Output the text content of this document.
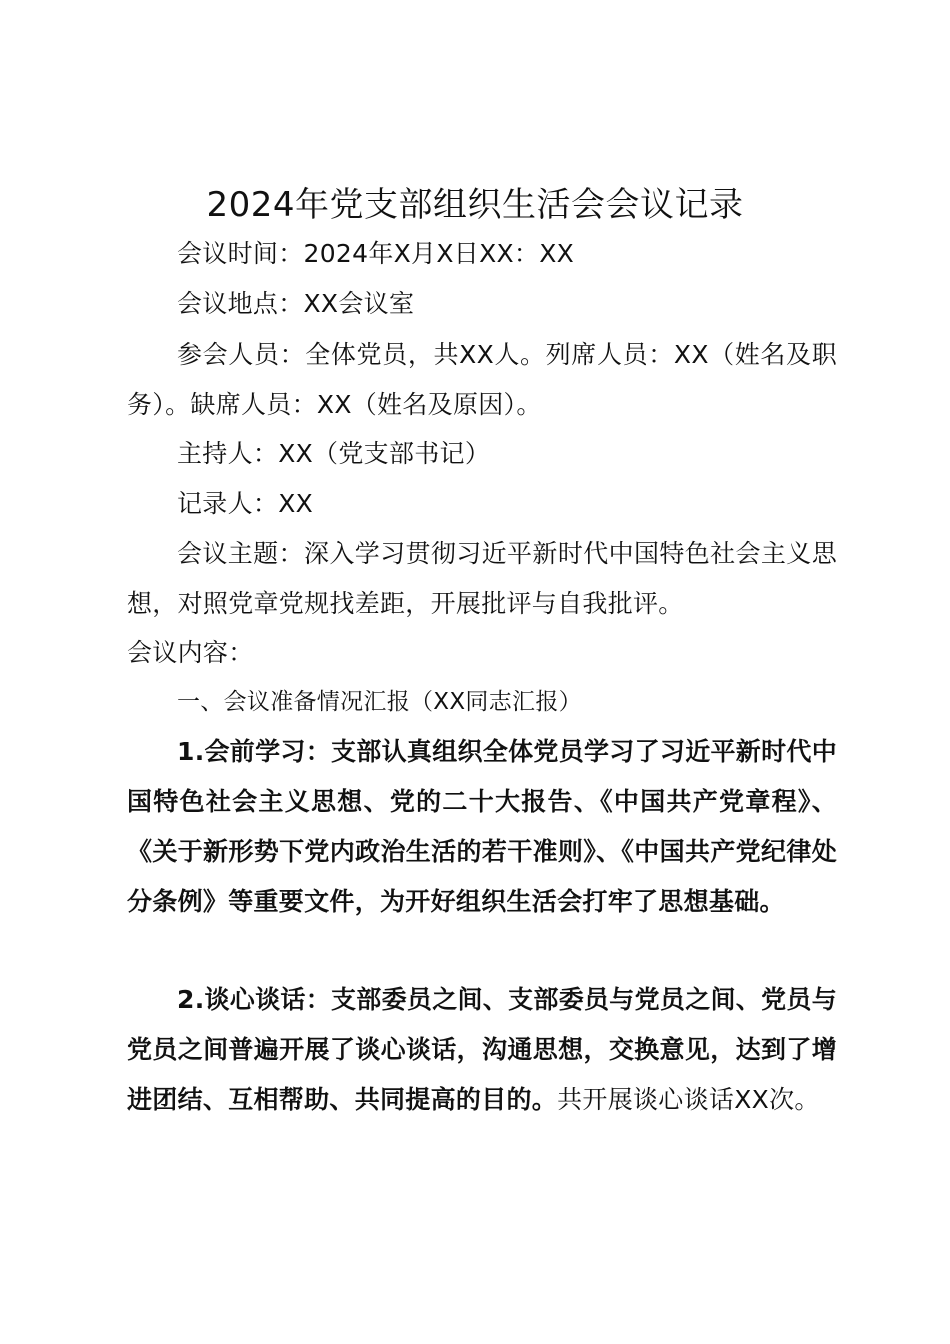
2024年党支部组织生活会会议记录
会议时间：2024年X月X日XX：XX
会议地点：XX会议室
参会人员：全体党员，共XX人。列席人员：XX（姓名及职务）。缺席人员：XX（姓名及原因）。
主持人：XX（党支部书记）
记录人：XX
会议主题：深入学习贯彻习近平新时代中国特色社会主义思想，对照党章党规找差距，开展批评与自我批评。
会议内容：
一、会议准备情况汇报（XX同志汇报）
1.会前学习：支部认真组织全体党员学习了习近平新时代中国特色社会主义思想、党的二十大报告、《中国共产党章程》、《关于新形势下党内政治生活的若干准则》、《中国共产党纪律处分条例》等重要文件，为开好组织生活会打牢了思想基础。
2.谈心谈话：支部委员之间、支部委员与党员之间、党员与党员之间普遍开展了谈心谈话，沟通思想，交换意见，达到了增进团结、互相帮助、共同提高的目的。共开展谈心谈话XX次。
